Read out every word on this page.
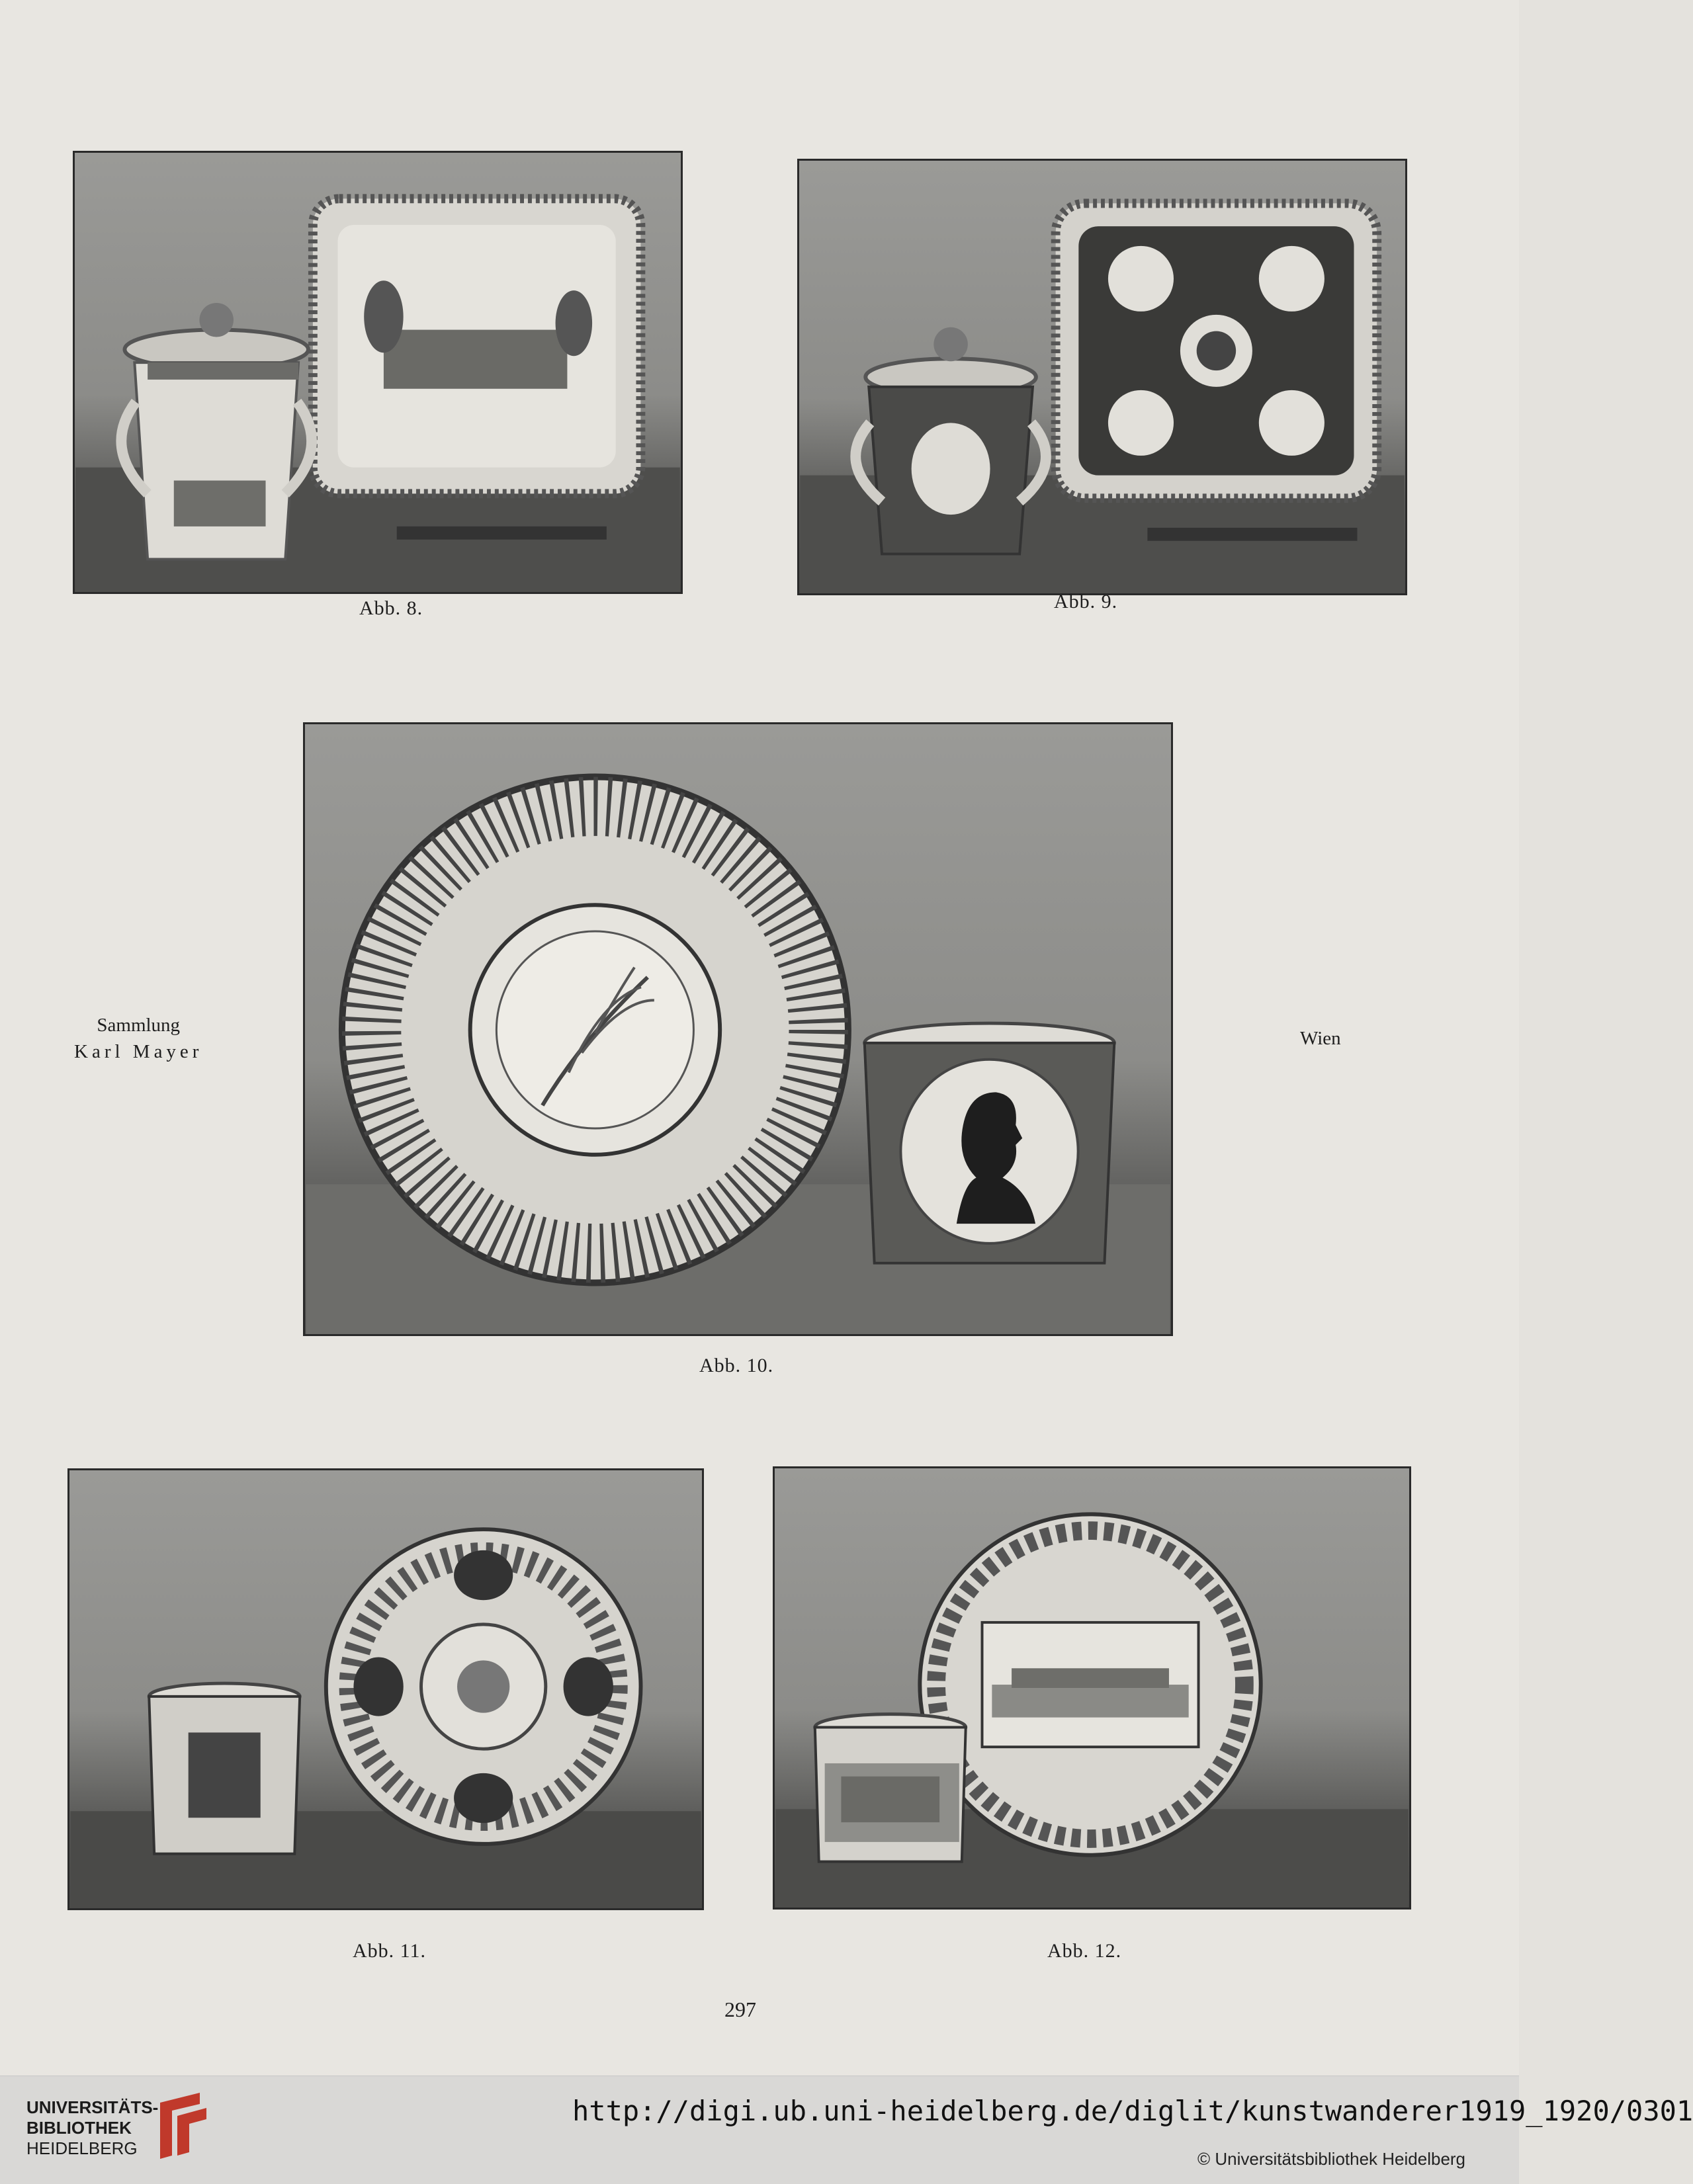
Abb. 8.	Abb. 9.
Abb. 10.
Sammlung
Karl Mayer
Wien
Abb. 11.	Abb. 12.
297
UNIVERSITÄTS-
BIBLIOTHEK
HEIDELBERG
http://digi.ub.uni-heidelberg.de/diglit/kunstwanderer1919_1920/0301
© Universitätsbibliothek Heidelberg
